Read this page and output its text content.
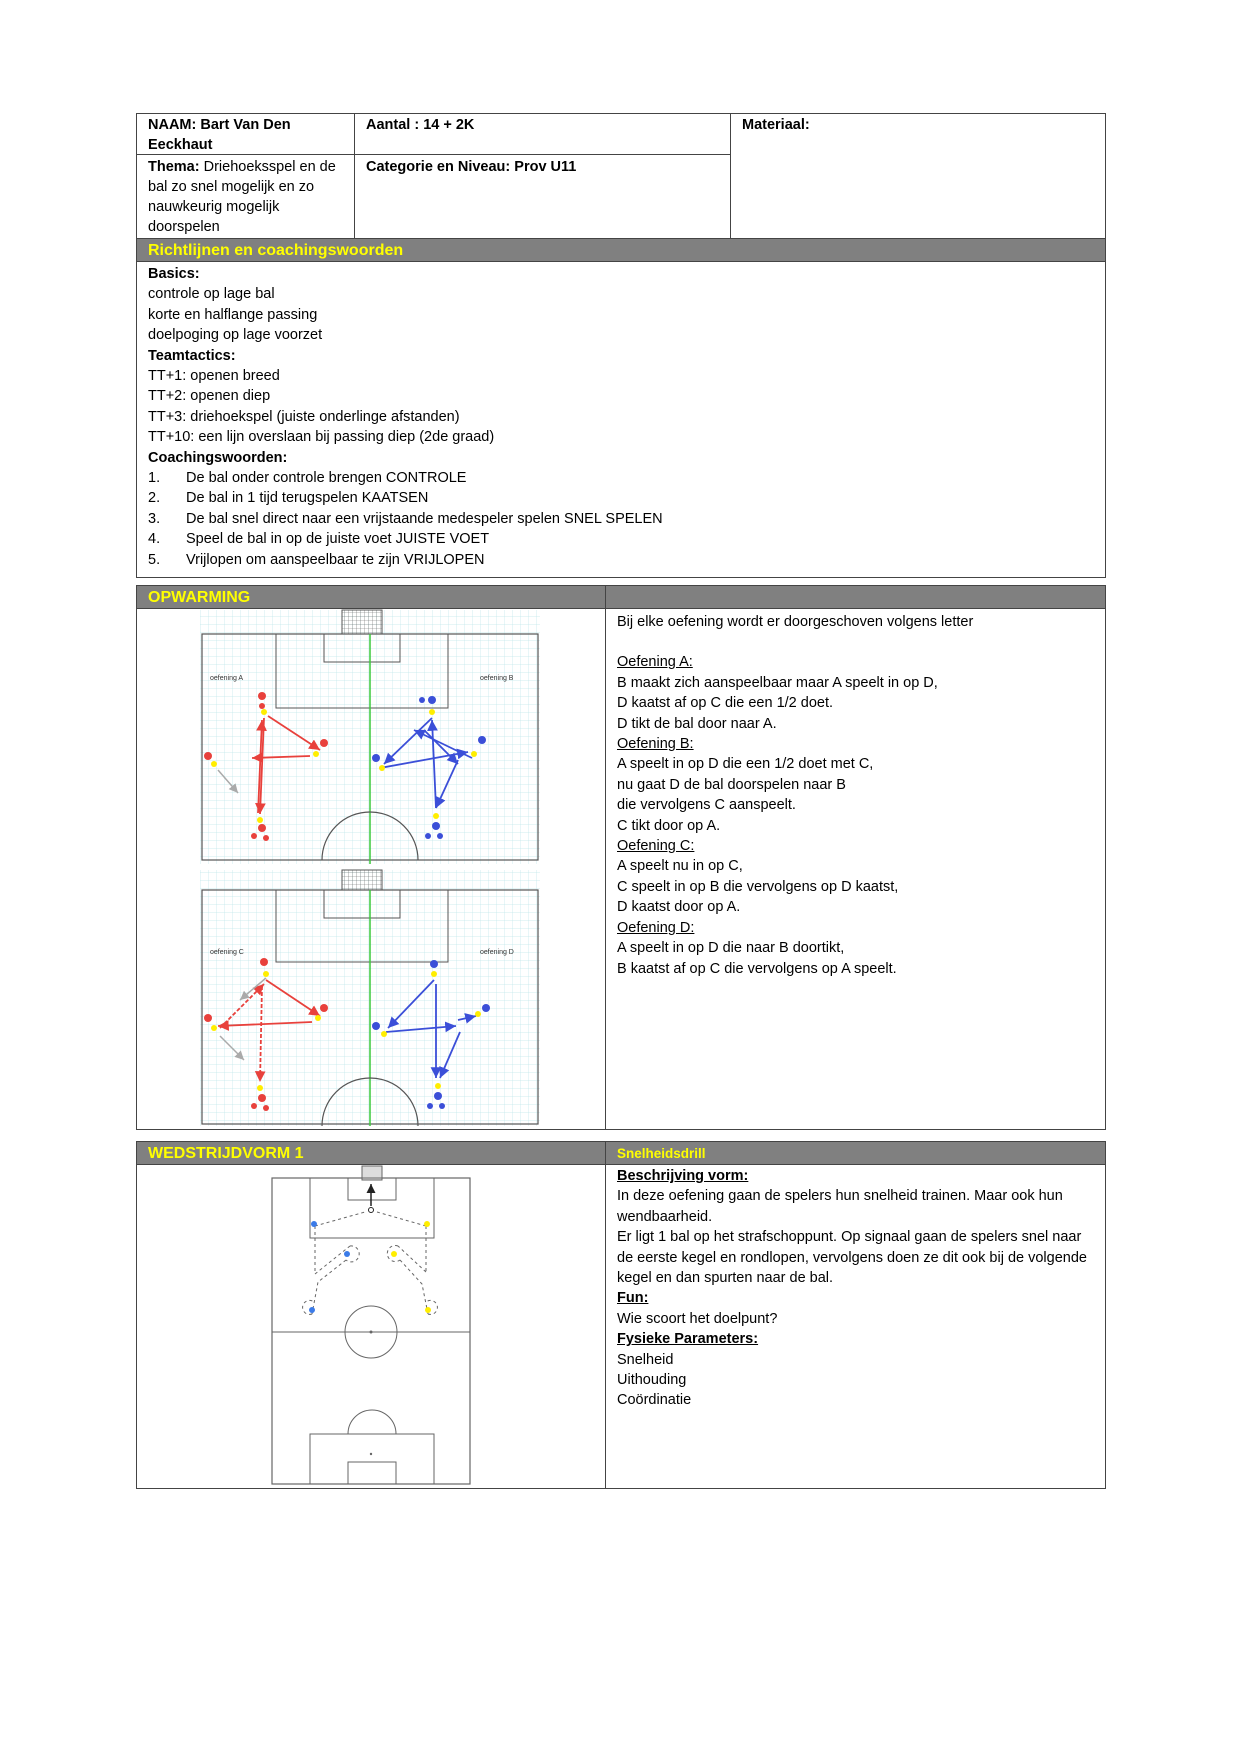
NAAM: Bart Van Den Eeckhaut
Aantal : 14 + 2K	Materiaal:
Thema: Driehoeksspel en de bal zo snel mogelijk en zo nauwkeurig mogelijk doorspelen
Categorie en Niveau: Prov U11
Richtlijnen en coachingswoorden
Basics:
controle op lage bal
korte en halflange passing
doelpoging op lage voorzet
Teamtactics:
TT+1: openen breed
TT+2: openen diep
TT+3: driehoekspel (juiste onderlinge afstanden)
TT+10: een lijn overslaan bij passing diep (2de graad)
Coachingswoorden:
1. De bal onder controle brengen CONTROLE
2. De bal in 1 tijd terugspelen KAATSEN
3. De bal snel direct naar een vrijstaande medespeler spelen SNEL SPELEN
4. Speel de bal in op de juiste voet JUISTE VOET
5. Vrijlopen om aanspeelbaar te zijn VRIJLOPEN
OPWARMING
oefening A	oefening B
oefening C	oefening D
Bij elke oefening wordt er doorgeschoven volgens letter
Oefening A:
B maakt zich aanspeelbaar maar A speelt in op D,
D kaatst af op C die een 1/2 doet.
D tikt de bal door naar A.
Oefening B:
A speelt in op D die een 1/2 doet met C,
nu gaat D de bal doorspelen naar B
die vervolgens C aanspeelt.
C tikt door op A.
Oefening C:
A speelt nu in op C,
C speelt in op B die vervolgens op D kaatst,
D kaatst door op A.
Oefening D:
A speelt in op D die naar B doortikt,
B kaatst af op C die vervolgens op A speelt.
WEDSTRIJDVORM 1	Snelheidsdrill
Beschrijving vorm:
In deze oefening gaan de spelers hun snelheid trainen. Maar ook hun wendbaarheid.
Er ligt 1 bal op het strafschoppunt. Op signaal gaan de spelers snel naar de eerste kegel en rondlopen, vervolgens doen ze dit ook bij de volgende kegel en dan spurten naar de bal.
Fun:
Wie scoort het doelpunt?
Fysieke Parameters:
Snelheid
Uithouding
Coördinatie
